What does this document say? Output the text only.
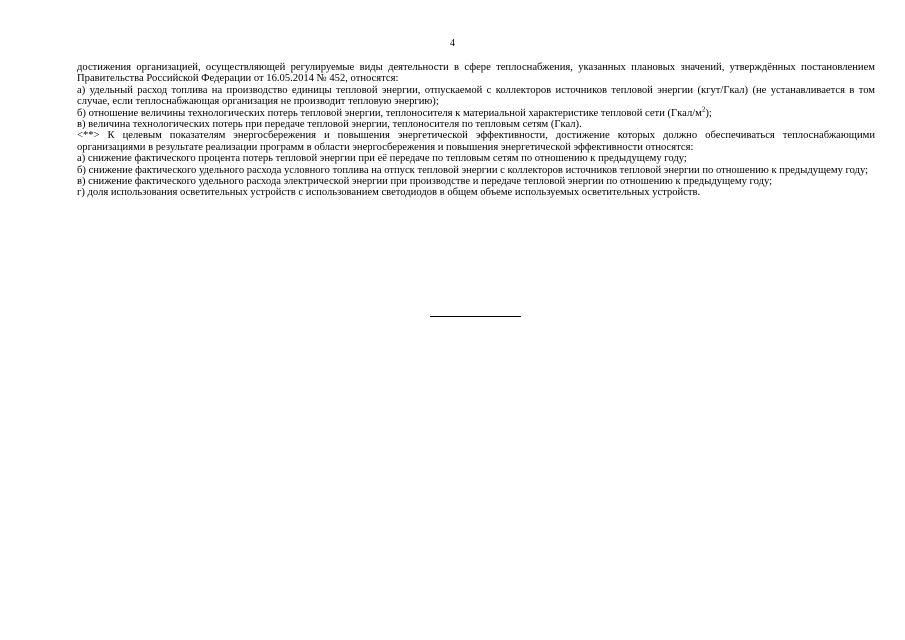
4

достижения организацией, осуществляющей регулируемые виды деятельности в сфере теплоснабжения, указанных плановых значений, утверждённых постановлением Правительства Российской Федерации от 16.05.2014 № 452, относятся:

а) удельный расход топлива на производство единицы тепловой энергии, отпускаемой с коллекторов источников тепловой энергии (кгут/Гкал) (не устанавливается в том случае, если теплоснабжающая организация не производит тепловую энергию);

б) отношение величины технологических потерь тепловой энергии, теплоносителя к материальной характеристике тепловой сети $(Гкал/м^2)$;

в) величина технологических потерь при передаче тепловой энергии, теплоносителя по тепловым сетям (Гкал).

<**> К целевым показателям энергосбережения и повышения энергетической эффективности, достижение которых должно обеспечиваться теплоснабжающими организациями в результате реализации программ в области энергосбережения и повышения энергетической эффективности относятся:

а) снижение фактического процента потерь тепловой энергии при её передаче по тепловым сетям по отношению к предыдущему году;

б) снижение фактического удельного расхода условного топлива на отпуск тепловой энергии с коллекторов источников тепловой энергии по отношению к предыдущему году;

в) снижение фактического удельного расхода электрической энергии при производстве и передаче тепловой энергии по отношению к предыдущему году;

г) доля использования осветительных устройств с использованием светодиодов в общем объеме используемых осветительных устройств.
